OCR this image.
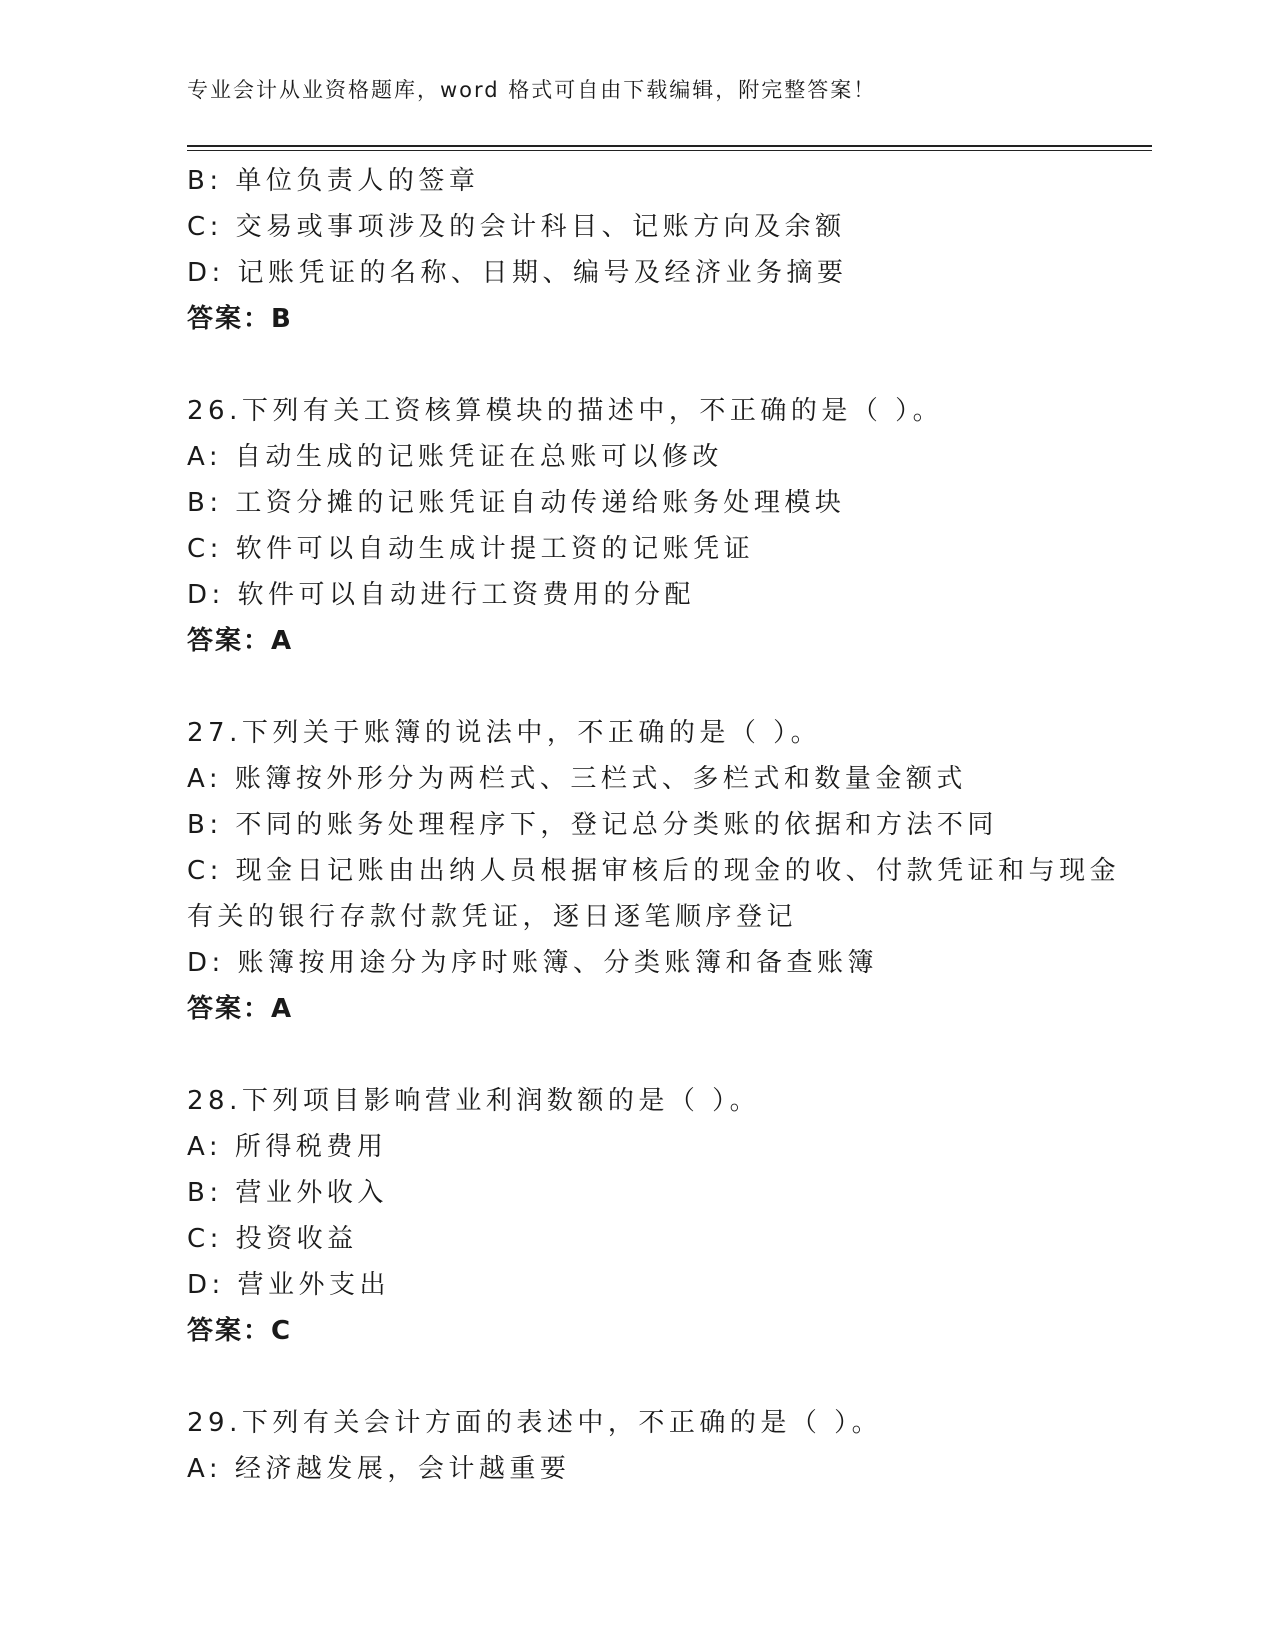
专业会计从业资格题库，word 格式可自由下载编辑，附完整答案！
B: 单位负责人的签章
C: 交易或事项涉及的会计科目、记账方向及余额
D: 记账凭证的名称、日期、编号及经济业务摘要
答案：B
26.下列有关工资核算模块的描述中，不正确的是（ ）。
A: 自动生成的记账凭证在总账可以修改
B: 工资分摊的记账凭证自动传递给账务处理模块
C: 软件可以自动生成计提工资的记账凭证
D: 软件可以自动进行工资费用的分配
答案：A
27.下列关于账簿的说法中，不正确的是（ ）。
A: 账簿按外形分为两栏式、三栏式、多栏式和数量金额式
B: 不同的账务处理程序下，登记总分类账的依据和方法不同
C: 现金日记账由出纳人员根据审核后的现金的收、付款凭证和与现金
有关的银行存款付款凭证，逐日逐笔顺序登记
D: 账簿按用途分为序时账簿、分类账簿和备查账簿
答案：A
28.下列项目影响营业利润数额的是（ ）。
A: 所得税费用
B: 营业外收入
C: 投资收益
D: 营业外支出
答案：C
29.下列有关会计方面的表述中，不正确的是（ ）。
A: 经济越发展，会计越重要
